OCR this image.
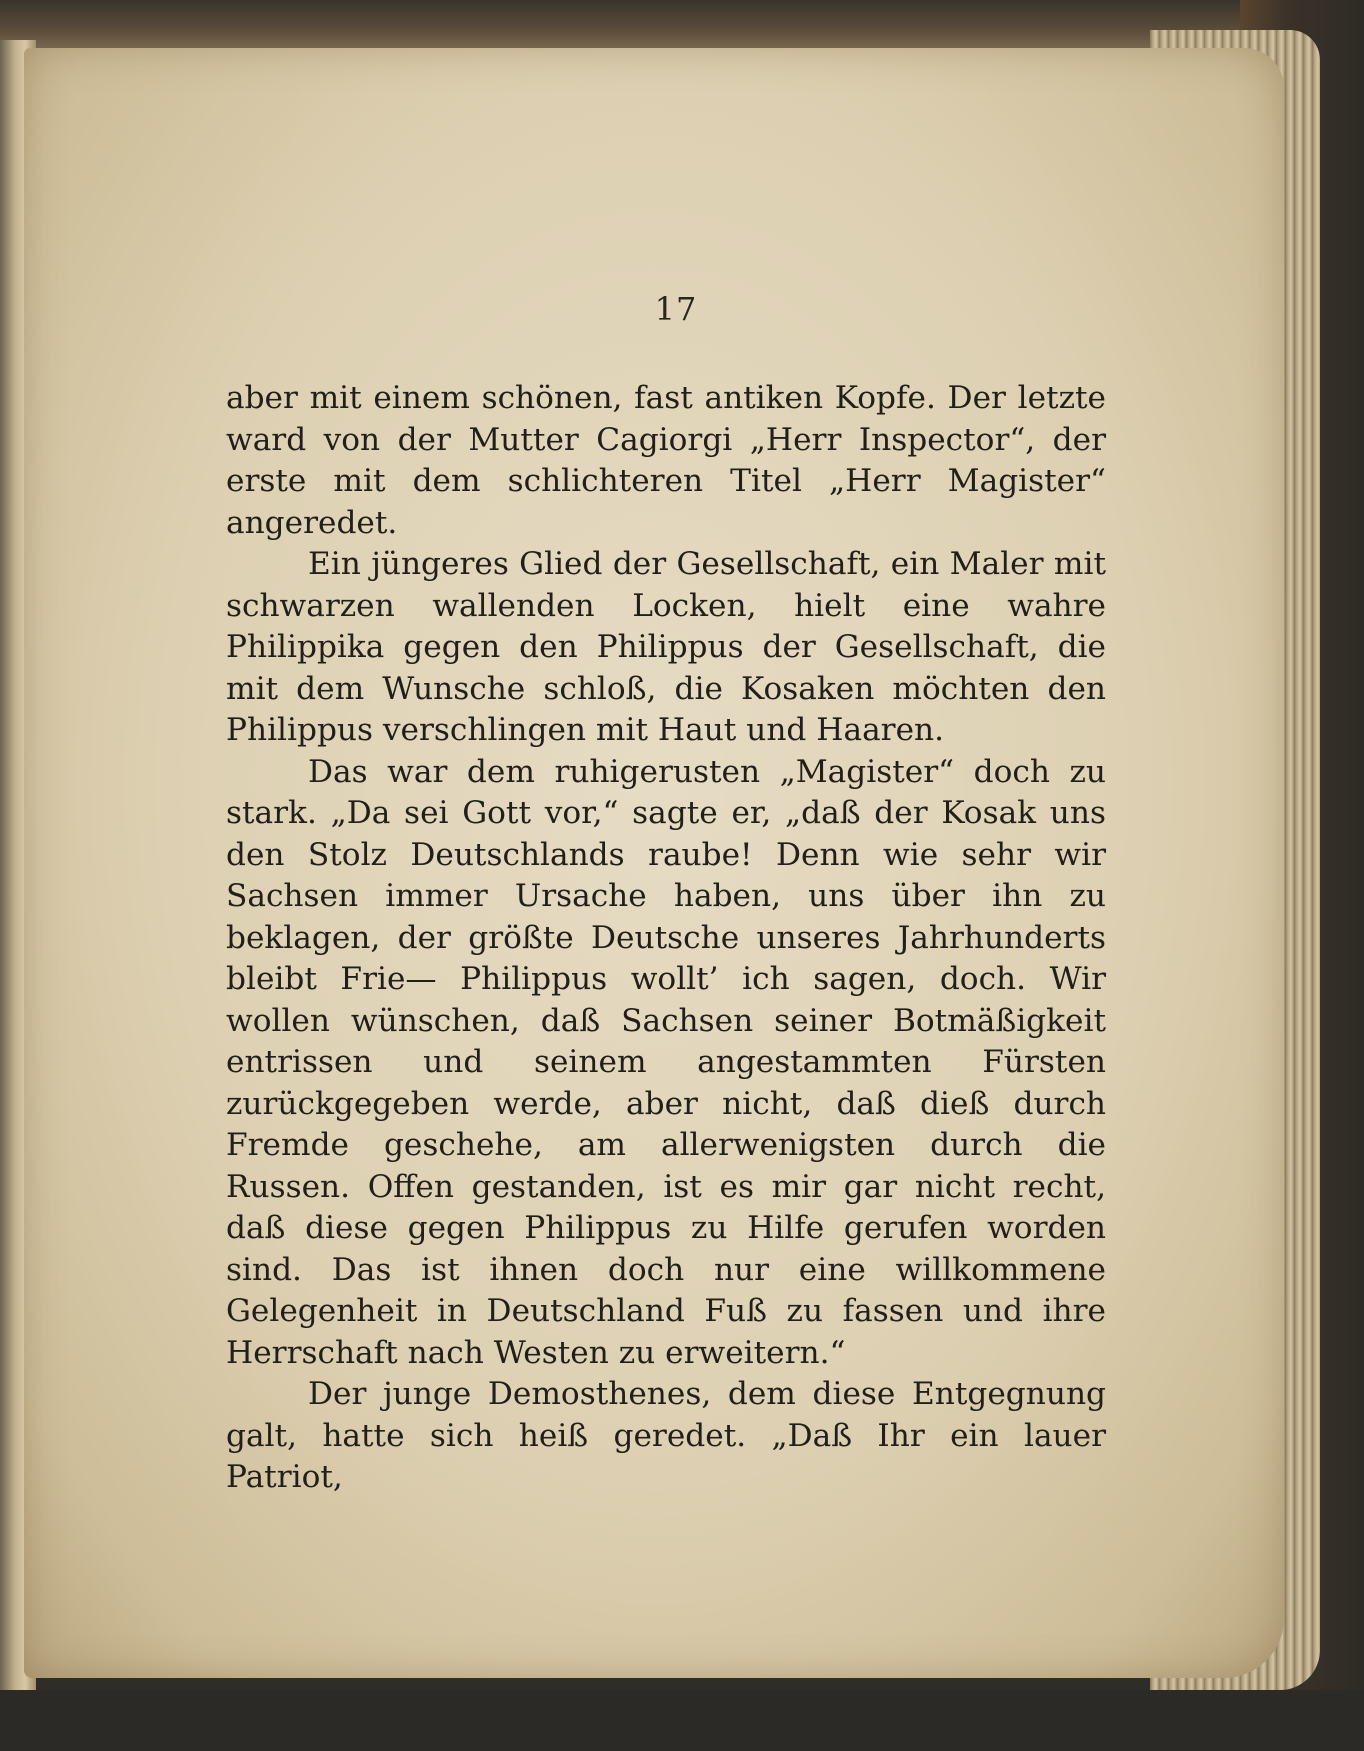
17

aber mit einem schönen, fast antiken Kopfe. Der letzte ward von der Mutter Cagiorgi „Herr Inspector“, der erste mit dem schlichteren Titel „Herr Magister“ angeredet.

Ein jüngeres Glied der Gesellschaft, ein Maler mit schwarzen wallenden Locken, hielt eine wahre Philippika gegen den Philippus der Gesellschaft, die mit dem Wunsche schloß, die Kosaken möchten den Philippus verschlingen mit Haut und Haaren.

Das war dem ruhigerusten „Magister“ doch zu stark. „Da sei Gott vor,“ sagte er, „daß der Kosak uns den Stolz Deutschlands raube! Denn wie sehr wir Sachsen immer Ursache haben, uns über ihn zu beklagen, der größte Deutsche unseres Jahrhunderts bleibt Frie— Philippus wollt’ ich sagen, doch. Wir wollen wünschen, daß Sachsen seiner Botmäßigkeit entrissen und seinem angestammten Fürsten zurückgegeben werde, aber nicht, daß dieß durch Fremde geschehe, am allerwenigsten durch die Russen. Offen gestanden, ist es mir gar nicht recht, daß diese gegen Philippus zu Hilfe gerufen worden sind. Das ist ihnen doch nur eine willkommene Gelegenheit in Deutschland Fuß zu fassen und ihre Herrschaft nach Westen zu erweitern.“

Der junge Demosthenes, dem diese Entgegnung galt, hatte sich heiß geredet. „Daß Ihr ein lauer Patriot,
